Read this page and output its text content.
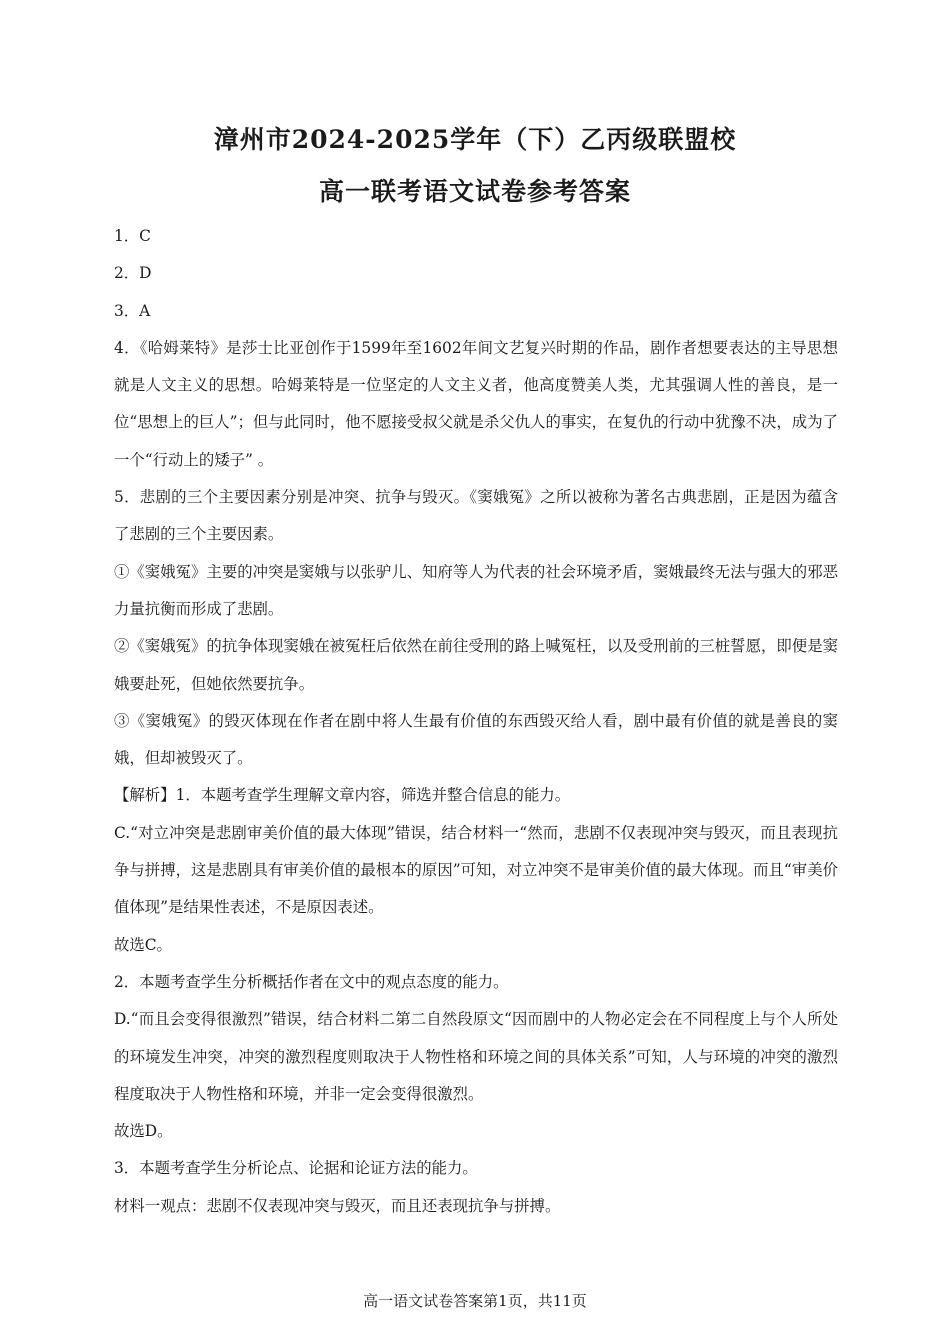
漳州市2024-2025学年（下）乙丙级联盟校
高一联考语文试卷参考答案

1．C

2．D

3．A

4．《哈姆莱特》是莎士比亚创作于1599年至1602年间文艺复兴时期的作品，剧作者想要表达的主导思想就是人文主义的思想。哈姆莱特是一位坚定的人文主义者，他高度赞美人类，尤其强调人性的善良，是一位“思想上的巨人”；但与此同时，他不愿接受叔父就是杀父仇人的事实，在复仇的行动中犹豫不决，成为了一个“行动上的矮子” 。

5．悲剧的三个主要因素分别是冲突、抗争与毁灭。《窦娥冤》之所以被称为著名古典悲剧，正是因为蕴含了悲剧的三个主要因素。

①《窦娥冤》主要的冲突是窦娥与以张驴儿、知府等人为代表的社会环境矛盾，窦娥最终无法与强大的邪恶力量抗衡而形成了悲剧。

②《窦娥冤》的抗争体现窦娥在被冤枉后依然在前往受刑的路上喊冤枉，以及受刑前的三桩誓愿，即便是窦娥要赴死，但她依然要抗争。

③《窦娥冤》的毁灭体现在作者在剧中将人生最有价值的东西毁灭给人看，剧中最有价值的就是善良的窦娥，但却被毁灭了。

【解析】1．本题考查学生理解文章内容，筛选并整合信息的能力。

C.“对立冲突是悲剧审美价值的最大体现”错误，结合材料一“然而，悲剧不仅表现冲突与毁灭，而且表现抗争与拼搏，这是悲剧具有审美价值的最根本的原因”可知，对立冲突不是审美价值的最大体现。而且“审美价值体现”是结果性表述，不是原因表述。

故选C。

2．本题考查学生分析概括作者在文中的观点态度的能力。

D.“而且会变得很激烈”错误，结合材料二第二自然段原文“因而剧中的人物必定会在不同程度上与个人所处的环境发生冲突，冲突的激烈程度则取决于人物性格和环境之间的具体关系”可知，人与环境的冲突的激烈程度取决于人物性格和环境，并非一定会变得很激烈。

故选D。

3．本题考查学生分析论点、论据和论证方法的能力。

材料一观点：悲剧不仅表现冲突与毁灭，而且还表现抗争与拼搏。

高一语文试卷答案第1页，共11页
